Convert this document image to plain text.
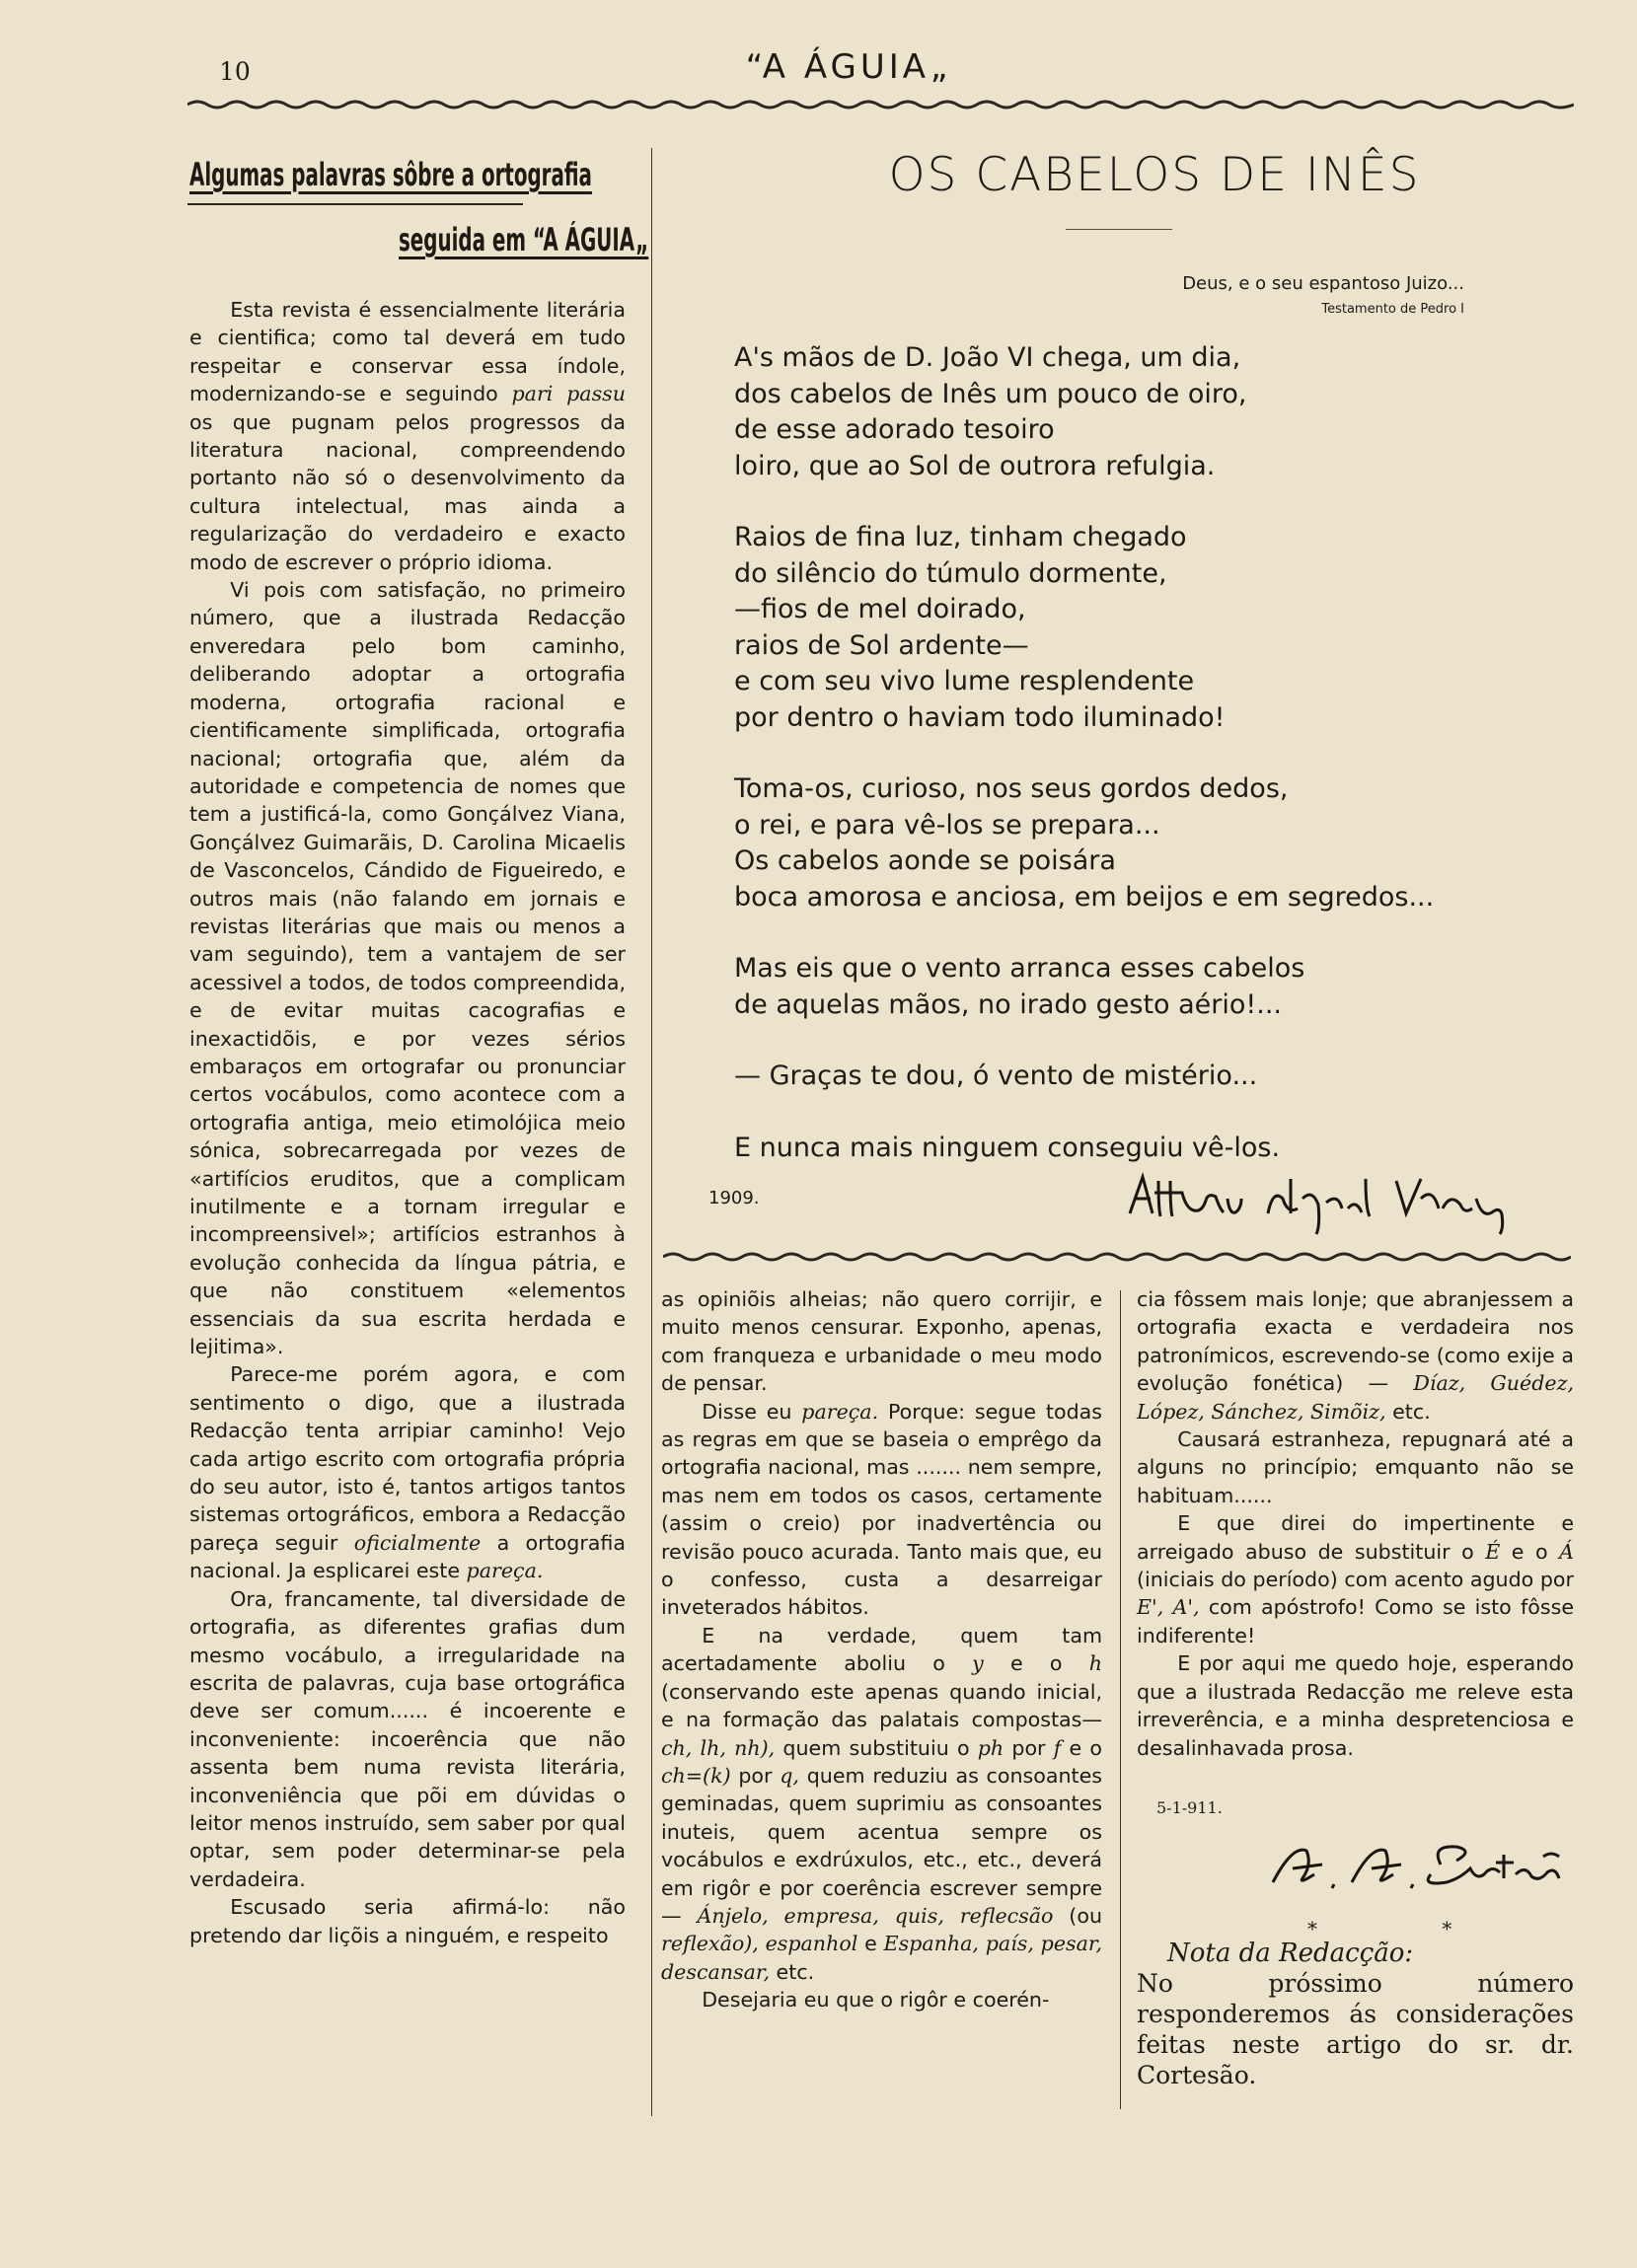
10	“A ÁGUIA„
Algumas palavras sôbre a ortografia
seguida em “A ÁGUIA„

Esta revista é essencialmente literária e cientifica; como tal deverá em tudo respeitar e conservar essa índole, modernizando-se e seguindo pari passu os que pugnam pelos progressos da literatura nacional, compreendendo portanto não só o desenvolvimento da cultura intelectual, mas ainda a regularização do verdadeiro e exacto modo de escrever o próprio idioma.

Vi pois com satisfação, no primeiro número, que a ilustrada Redacção enveredara pelo bom caminho, deliberando adoptar a ortografia moderna, ortografia racional e cientificamente simplificada, ortografia nacional; ortografia que, além da autoridade e competencia de nomes que tem a justificá-la, como Gonçálvez Viana, Gonçálvez Guimarãis, D. Carolina Micaelis de Vasconcelos, Cándido de Figueiredo, e outros mais (não falando em jornais e revistas literárias que mais ou menos a vam seguindo), tem a vantajem de ser acessivel a todos, de todos compreendida, e de evitar muitas cacografias e inexactidõis, e por vezes sérios embaraços em ortografar ou pronunciar certos vocábulos, como acontece com a ortografia antiga, meio etimolójica meio sónica, sobrecarregada por vezes de «artifícios eruditos, que a complicam inutilmente e a tornam irregular e incompreensivel»; artifícios estranhos à evolução conhecida da língua pátria, e que não constituem «elementos essenciais da sua escrita herdada e lejitima».

Parece-me porém agora, e com sentimento o digo, que a ilustrada Redacção tenta arripiar caminho! Vejo cada artigo escrito com ortografia própria do seu autor, isto é, tantos artigos tantos sistemas ortográficos, embora a Redacção pareça seguir oficialmente a ortografia nacional. Ja esplicarei este pareça.

Ora, francamente, tal diversidade de ortografia, as diferentes grafias dum mesmo vocábulo, a irregularidade na escrita de palavras, cuja base ortográfica deve ser comum...... é incoerente e inconveniente: incoerência que não assenta bem numa revista literária, inconveniência que põi em dúvidas o leitor menos instruído, sem saber por qual optar, sem poder determinar-se pela verdadeira.

Escusado seria afirmá-lo: não pretendo dar liçõis a ninguém, e respeito

OS CABELOS DE INÊS
Deus, e o seu espantoso Juizo...
Testamento de Pedro I
A's mãos de D. João VI chega, um dia,
dos cabelos de Inês um pouco de oiro,
de esse adorado tesoiro
loiro, que ao Sol de outrora refulgia.
Raios de fina luz, tinham chegado
do silêncio do túmulo dormente,
—fios de mel doirado,
raios de Sol ardente—
e com seu vivo lume resplendente
por dentro o haviam todo iluminado!
Toma-os, curioso, nos seus gordos dedos,
o rei, e para vê-los se prepara...
Os cabelos aonde se poisára
boca amorosa e anciosa, em beijos e em segredos...
Mas eis que o vento arranca esses cabelos
de aquelas mãos, no irado gesto aério!...
— Graças te dou, ó vento de mistério...
E nunca mais ninguem conseguiu vê-los.
1909.

as opiniõis alheias; não quero corrijir, e muito menos censurar. Exponho, apenas, com franqueza e urbanidade o meu modo de pensar.

Disse eu pareça. Porque: segue todas as regras em que se baseia o emprêgo da ortografia nacional, mas ....... nem sempre, mas nem em todos os casos, certamente (assim o creio) por inadvertência ou revisão pouco acurada. Tanto mais que, eu o confesso, custa a desarreigar inveterados hábitos.

E na verdade, quem tam acertadamente aboliu o y e o h (conservando este apenas quando inicial, e na formação das palatais compostas— ch, lh, nh), quem substituiu o ph por f e o ch=(k) por q, quem reduziu as consoantes geminadas, quem suprimiu as consoantes inuteis, quem acentua sempre os vocábulos e exdrúxulos, etc., etc., deverá em rigôr e por coerência escrever sempre — Ánjelo, empresa, quis, reflecsão (ou reflexão), espanhol e Espanha, país, pesar, descansar, etc.

Desejaria eu que o rigôr e coerén-

cia fôssem mais lonje; que abranjessem a ortografia exacta e verdadeira nos patronímicos, escrevendo-se (como exije a evolução fonética) — Díaz, Guédez, López, Sánchez, Simõiz, etc.

Causará estranheza, repugnará até a alguns no princípio; emquanto não se habituam......

E que direi do impertinente e arreigado abuso de substituir o É e o Á (iniciais do período) com acento agudo por E', A', com apóstrofo! Como se isto fôsse indiferente!

E por aqui me quedo hoje, esperando que a ilustrada Redacção me releve esta irreverência, e a minha despretenciosa e desalinhavada prosa.

5-1-911.
* *
Nota da Redacção:
No próssimo número responderemos ás considerações feitas neste artigo do sr. dr. Cortesão.
